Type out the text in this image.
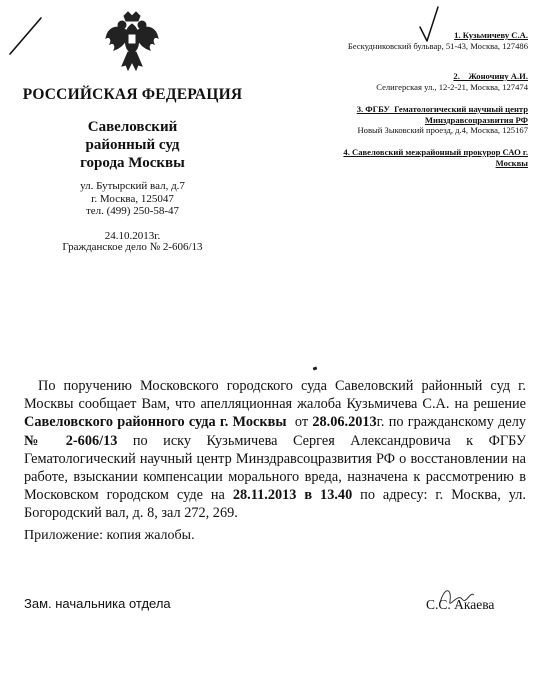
РОССИЙСКАЯ ФЕДЕРАЦИЯ
Савеловский
районный суд
города Москвы
ул. Бутырский вал, д.7
г. Москва, 125047
тел. (499) 250-58-47
24.10.2013г.
Гражданское дело № 2-606/13
1. Кузьмичеву С.А.
Бескудниковский бульвар, 51-43, Москва, 127486
2.    Жоночину А.И.
Селигерская ул., 12-2-21, Москва, 127474
3. ФГБУ  Гематологический научный центр
Минздравсоцразвития РФ
Новый Зыковский проезд, д.4, Москва, 125167
4. Савеловский межрайонный прокурор САО г.
Москвы
По поручению Московского городского суда Савеловский районный суд г. Москвы сообщает Вам, что апелляционная жалоба Кузьмичева С.А. на решение Савеловского районного суда г. Москвы  от 28.06.2013г. по гражданскому делу № 2-606/13 по иску Кузьмичева Сергея Александровича к ФГБУ Гематологический научный центр Минздравсоцразвития РФ о восстановлении на работе, взыскании компенсации морального вреда, назначена к рассмотрению в Московском городском суде на 28.11.2013 в 13.40 по адресу: г. Москва, ул. Богородский вал, д. 8, зал 272, 269.
Приложение: копия жалобы.
Зам. начальника отдела	С.С. Акаева
